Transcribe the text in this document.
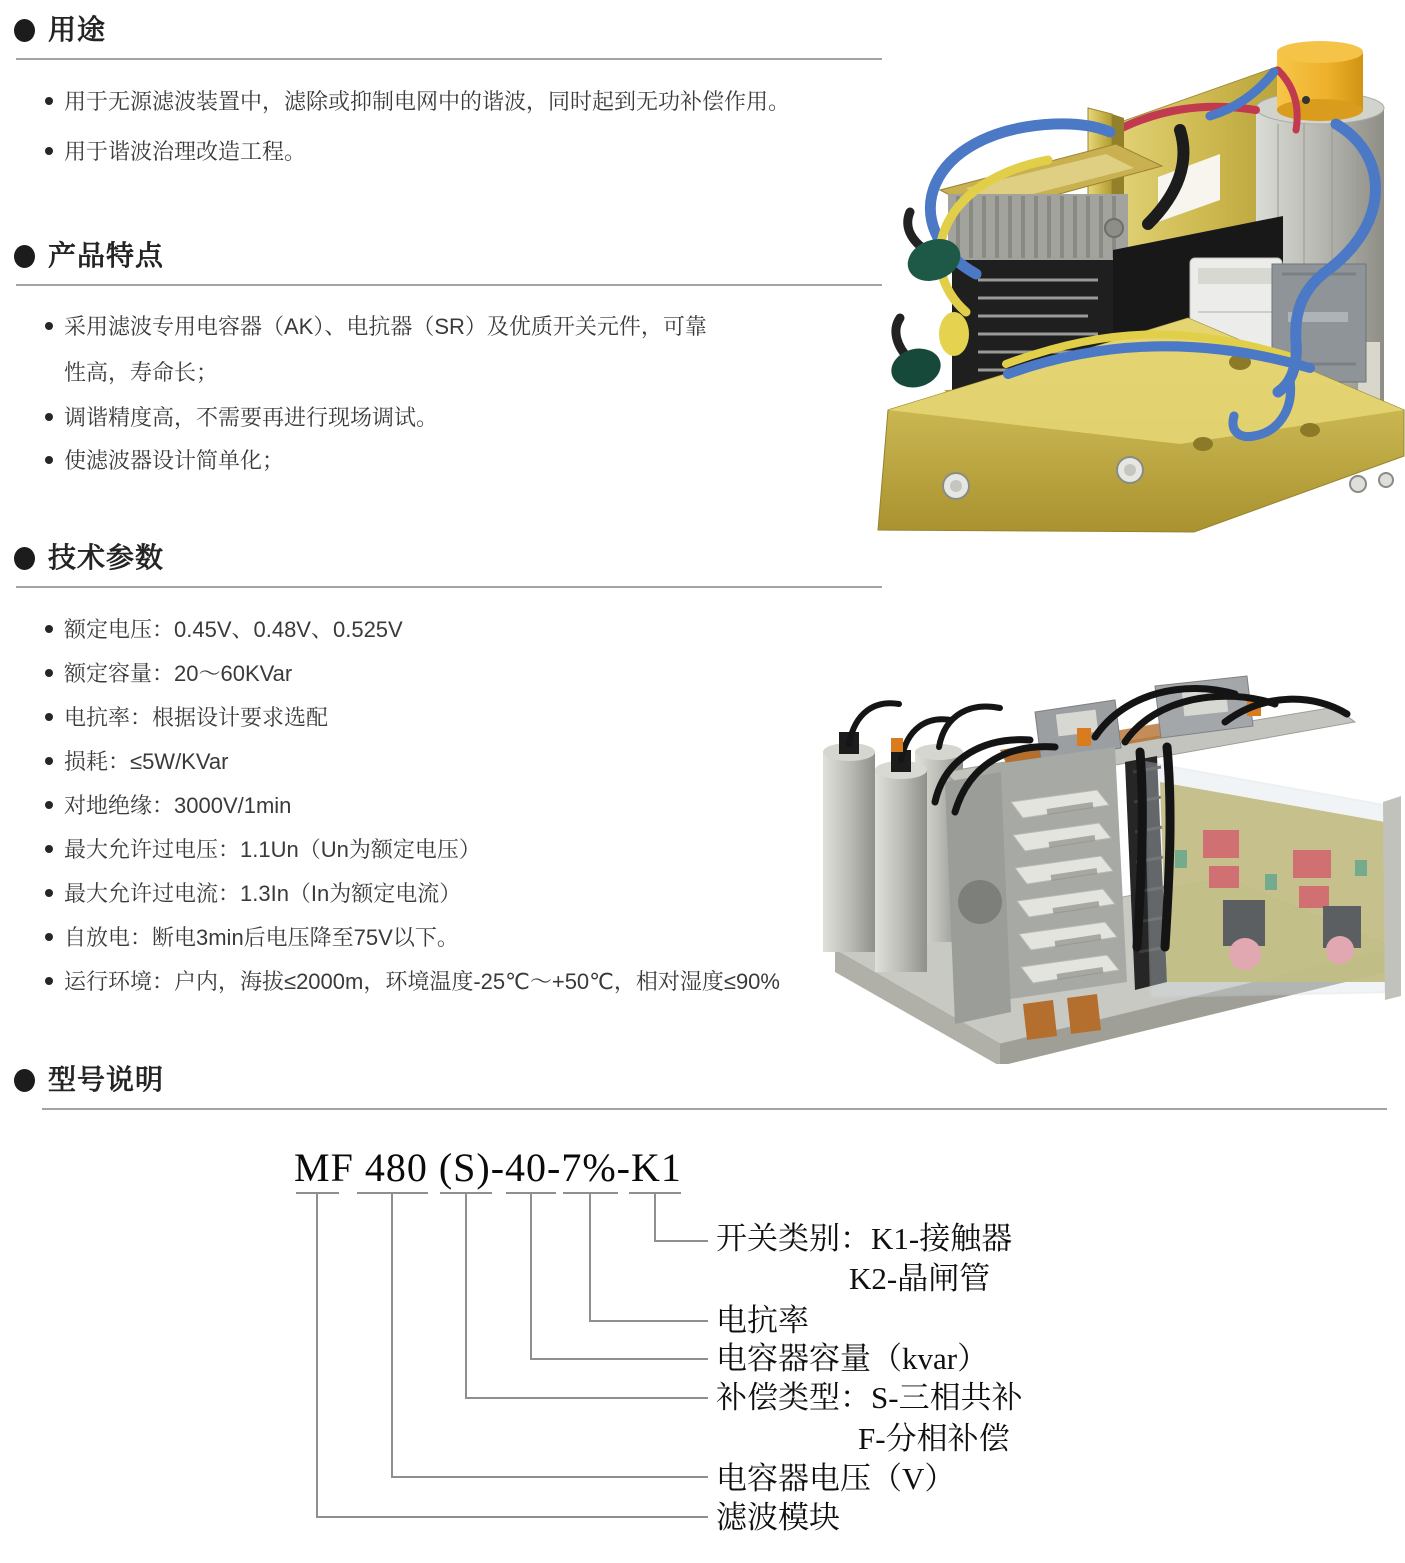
用途
用于无源滤波装置中，滤除或抑制电网中的谐波，同时起到无功补偿作用。
用于谐波治理改造工程。
产品特点
采用滤波专用电容器（AK）、电抗器（SR）及优质开关元件，可靠性高，寿命长；
调谐精度高，不需要再进行现场调试。
使滤波器设计简单化；
技术参数
额定电压：0.45V、0.48V、0.525V
额定容量：20～60KVar
电抗率：根据设计要求选配
损耗：≤5W/KVar
对地绝缘：3000V/1min
最大允许过电压：1.1Un（Un为额定电压）
最大允许过电流：1.3In（In为额定电流）
自放电：断电3min后电压降至75V以下。
运行环境：户内，海拔≤2000m，环境温度-25℃～+50℃，相对湿度≤90%
型号说明
MF 480 (S)-40-7%-K1
开关类别：K1-接触器
K2-晶闸管
电抗率
电容器容量（kvar）
补偿类型：S-三相共补
F-分相补偿
电容器电压（V）
滤波模块
